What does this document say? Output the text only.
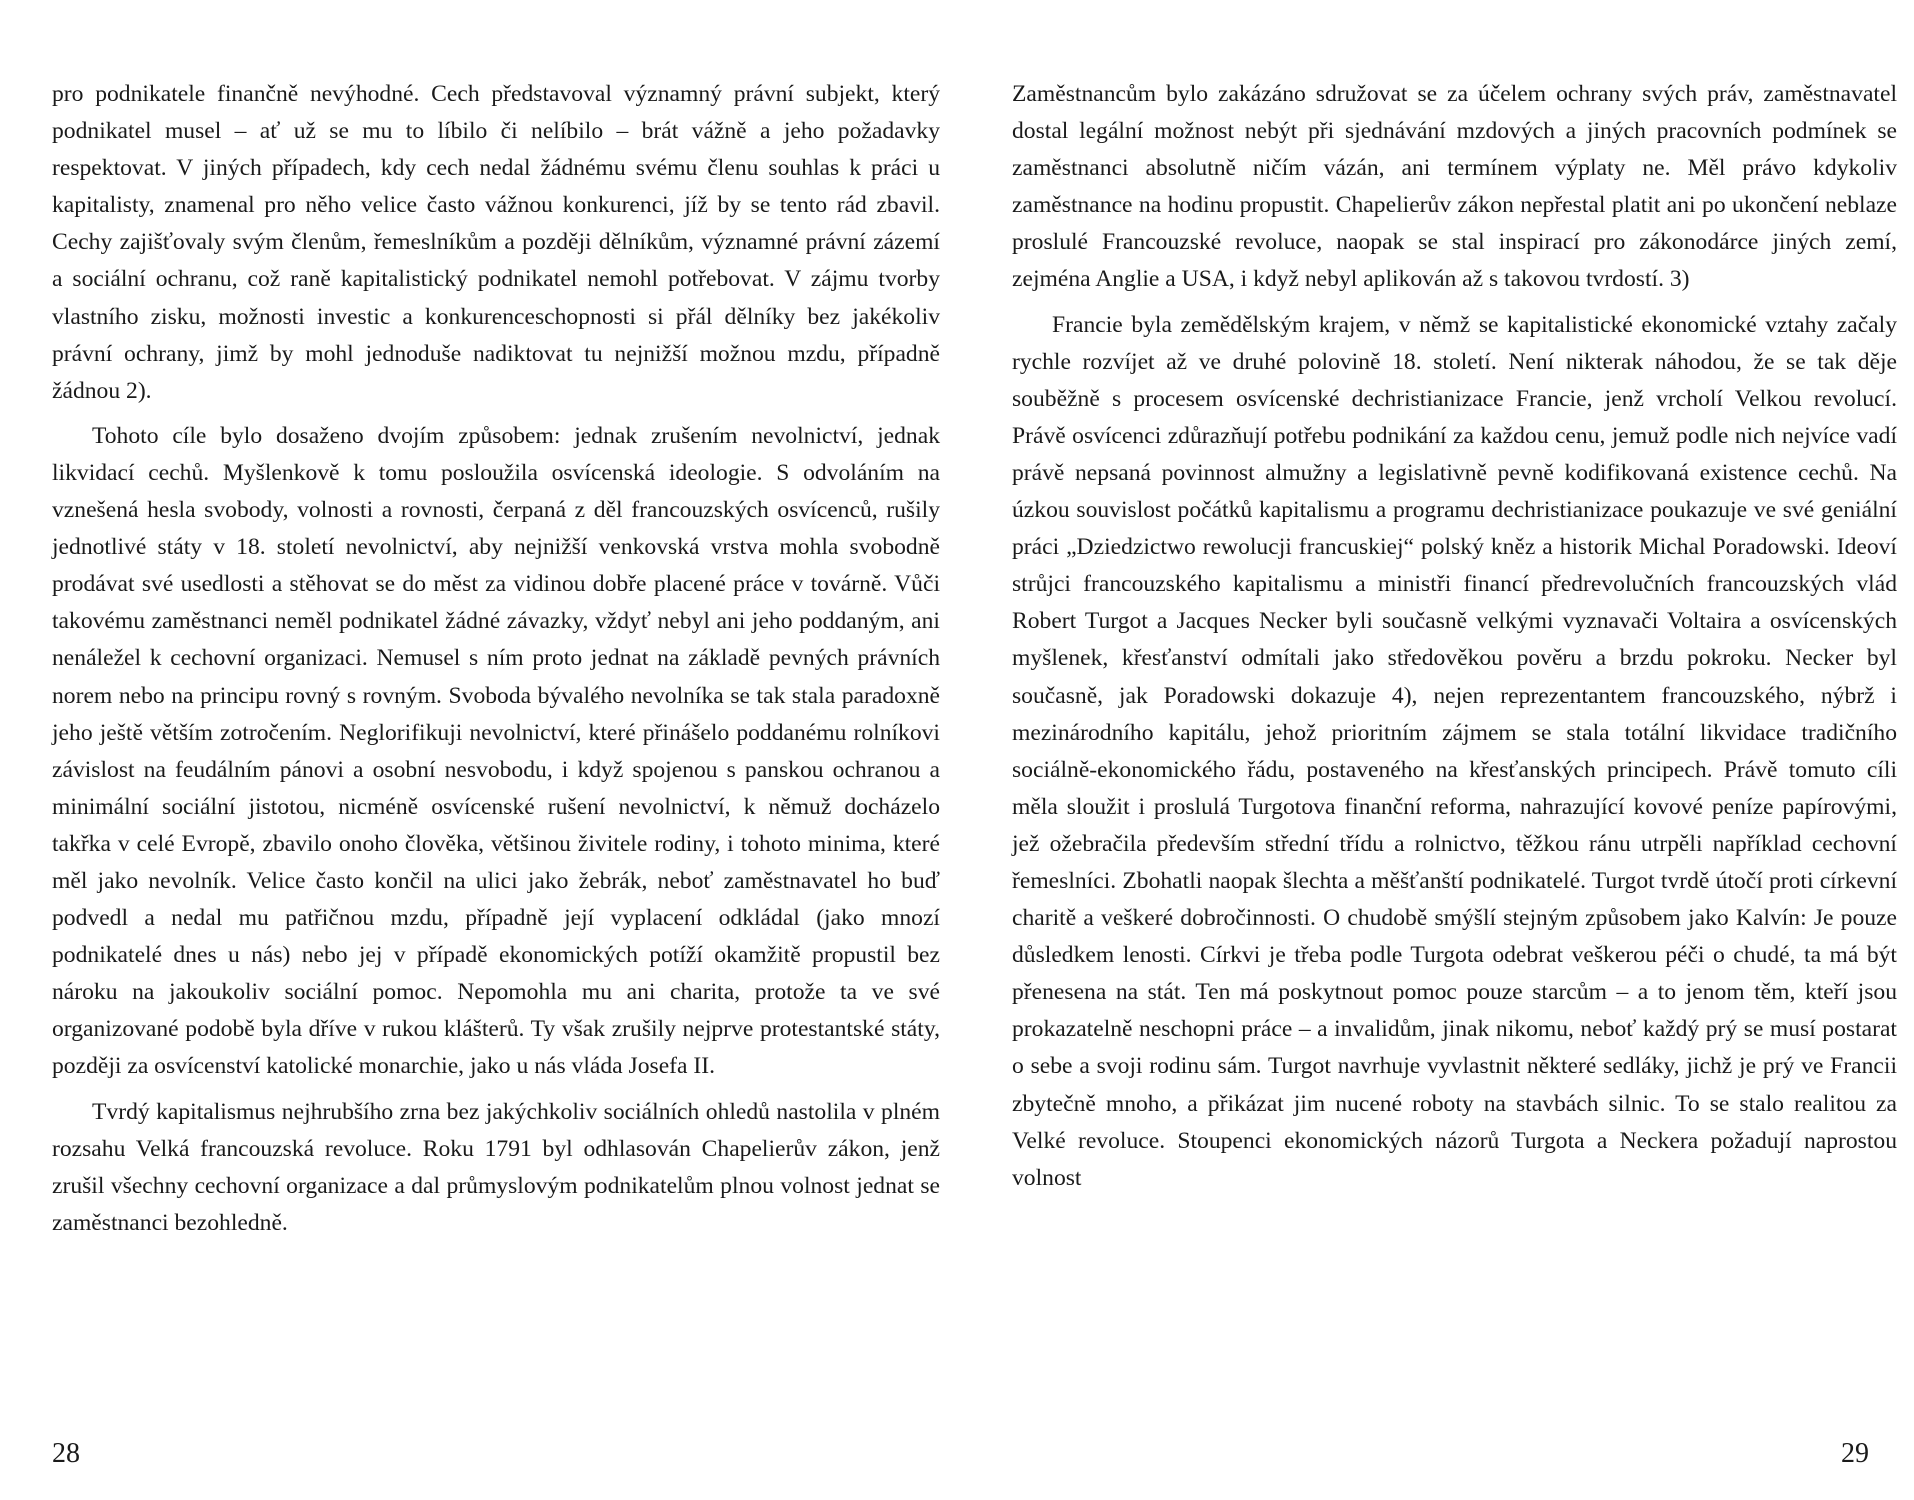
pro podnikatele finančně nevýhodné. Cech představoval významný právní subjekt, který podnikatel musel – ať už se mu to líbilo či nelíbilo – brát vážně a jeho požadavky respektovat. V jiných případech, kdy cech nedal žádnému svému členu souhlas k práci u kapitalisty, znamenal pro něho velice často vážnou konkurenci, jíž by se tento rád zbavil. Cechy zajišťovaly svým členům, řemeslníkům a později dělníkům, významné právní zázemí a sociální ochranu, což raně kapitalistický podnikatel nemohl potřebovat. V zájmu tvorby vlastního zisku, možnosti investic a konkurenceschopnosti si přál dělníky bez jakékoliv právní ochrany, jimž by mohl jednoduše nadiktovat tu nejnižší možnou mzdu, případně žádnou 2).

Tohoto cíle bylo dosaženo dvojím způsobem: jednak zrušením nevolnictví, jednak likvidací cechů. Myšlenkově k tomu posloužila osvícenská ideologie. S odvoláním na vznešená hesla svobody, volnosti a rovnosti, čerpaná z děl francouzských osvícenců, rušily jednotlivé státy v 18. století nevolnictví, aby nejnižší venkovská vrstva mohla svobodně prodávat své usedlosti a stěhovat se do měst za vidinou dobře placené práce v továrně. Vůči takovému zaměstnanci neměl podnikatel žádné závazky, vždyť nebyl ani jeho poddaným, ani nenáležel k cechovní organizaci. Nemusel s ním proto jednat na základě pevných právních norem nebo na principu rovný s rovným. Svoboda bývalého nevolníka se tak stala paradoxně jeho ještě větším zotročením. Neglorifikuji nevolnictví, které přinášelo poddanému rolníkovi závislost na feudálním pánovi a osobní nesvobodu, i když spojenou s panskou ochranou a minimální sociální jistotou, nicméně osvícenské rušení nevolnictví, k němuž docházelo takřka v celé Evropě, zbavilo onoho člověka, většinou živitele rodiny, i tohoto minima, které měl jako nevolník. Velice často končil na ulici jako žebrák, neboť zaměstnavatel ho buď podvedl a nedal mu patřičnou mzdu, případně její vyplacení odkládal (jako mnozí podnikatelé dnes u nás) nebo jej v případě ekonomických potíží okamžitě propustil bez nároku na jakoukoliv sociální pomoc. Nepomohla mu ani charita, protože ta ve své organizované podobě byla dříve v rukou klášterů. Ty však zrušily nejprve protestantské státy, později za osvícenství katolické monarchie, jako u nás vláda Josefa II.

Tvrdý kapitalismus nejhrubšího zrna bez jakýchkoliv sociálních ohledů nastolila v plném rozsahu Velká francouzská revoluce. Roku 1791 byl odhlasován Chapelierův zákon, jenž zrušil všechny cechovní organizace a dal průmyslovým podnikatelům plnou volnost jednat se zaměstnanci bezohledně.

28

Zaměstnancům bylo zakázáno sdružovat se za účelem ochrany svých práv, zaměstnavatel dostal legální možnost nebýt při sjednávání mzdových a jiných pracovních podmínek se zaměstnanci absolutně ničím vázán, ani termínem výplaty ne. Měl právo kdykoliv zaměstnance na hodinu propustit. Chapelierův zákon nepřestal platit ani po ukončení neblaze proslulé Francouzské revoluce, naopak se stal inspirací pro zákonodárce jiných zemí, zejména Anglie a USA, i když nebyl aplikován až s takovou tvrdostí. 3)

Francie byla zemědělským krajem, v němž se kapitalistické ekonomické vztahy začaly rychle rozvíjet až ve druhé polovině 18. století. Není nikterak náhodou, že se tak děje souběžně s procesem osvícenské dechristianizace Francie, jenž vrcholí Velkou revolucí. Právě osvícenci zdůrazňují potřebu podnikání za každou cenu, jemuž podle nich nejvíce vadí právě nepsaná povinnost almužny a legislativně pevně kodifikovaná existence cechů. Na úzkou souvislost počátků kapitalismu a programu dechristianizace poukazuje ve své geniální práci „Dziedzictwo rewolucji francuskiej“ polský kněz a historik Michal Poradowski. Ideoví strůjci francouzského kapitalismu a ministři financí předrevolučních francouzských vlád Robert Turgot a Jacques Necker byli současně velkými vyznavači Voltaira a osvícenských myšlenek, křesťanství odmítali jako středověkou pověru a brzdu pokroku. Necker byl současně, jak Poradowski dokazuje 4), nejen reprezentantem francouzského, nýbrž i mezinárodního kapitálu, jehož prioritním zájmem se stala totální likvidace tradičního sociálně-ekonomického řádu, postaveného na křesťanských principech. Právě tomuto cíli měla sloužit i proslulá Turgotova finanční reforma, nahrazující kovové peníze papírovými, jež ožebračila především střední třídu a rolnictvo, těžkou ránu utrpěli například cechovní řemeslníci. Zbohatli naopak šlechta a měšťanští podnikatelé. Turgot tvrdě útočí proti církevní charitě a veškeré dobročinnosti. O chudobě smýšlí stejným způsobem jako Kalvín: Je pouze důsledkem lenosti. Církvi je třeba podle Turgota odebrat veškerou péči o chudé, ta má být přenesena na stát. Ten má poskytnout pomoc pouze starcům – a to jenom těm, kteří jsou prokazatelně neschopni práce – a invalidům, jinak nikomu, neboť každý prý se musí postarat o sebe a svoji rodinu sám. Turgot navrhuje vyvlastnit některé sedláky, jichž je prý ve Francii zbytečně mnoho, a přikázat jim nucené roboty na stavbách silnic. To se stalo realitou za Velké revoluce. Stoupenci ekonomických názorů Turgota a Neckera požadují naprostou volnost

29
